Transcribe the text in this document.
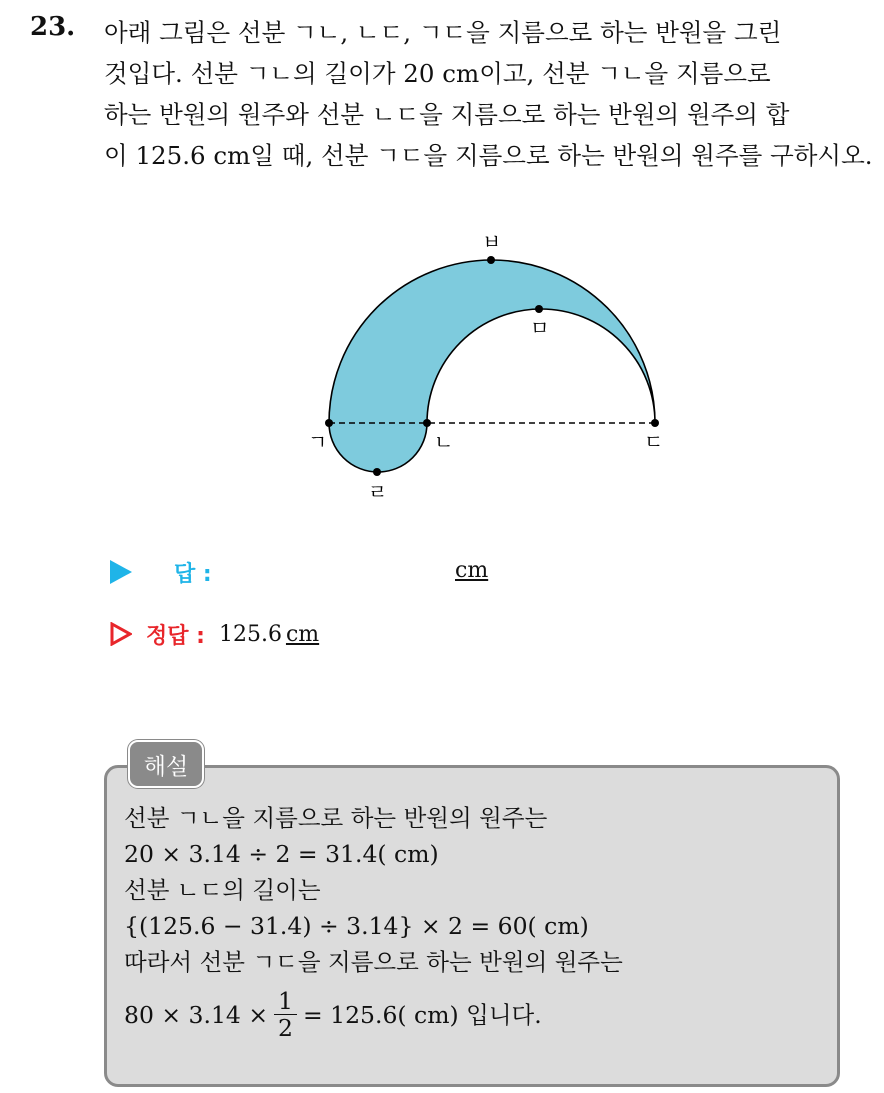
23. 아래 그림은 선분 ㄱㄴ, ㄴㄷ, ㄱㄷ을 지름으로 하는 반원을 그린

것입다. 선분 ㄱㄴ의 길이가 20 cm이고, 선분 ㄱㄴ을 지름으로

하는 반원의 원주와 선분 ㄴㄷ을 지름으로 하는 반원의 원주의 합

이 125.6 cm일 때, 선분 ㄱㄷ을 지름으로 하는 반원의 원주를 구하시오.

ㄱ	ㄴ	ㄷ
ㄹ
ㅁ
ㅂ
답 :	cm
정답 : 125.6 cm
해설

선분 ㄱㄴ을 지름으로 하는 반원의 원주는

20 × 3.14 ÷ 2 = 31.4( cm)

선분 ㄴㄷ의 길이는

{(125.6 − 31.4) ÷ 3.14} × 2 = 60( cm)

따라서 선분 ㄱㄷ을 지름으로 하는 반원의 원주는

$80 \times 3.14 \times \frac{1}{2} = 125.6$( cm) 입니다.
